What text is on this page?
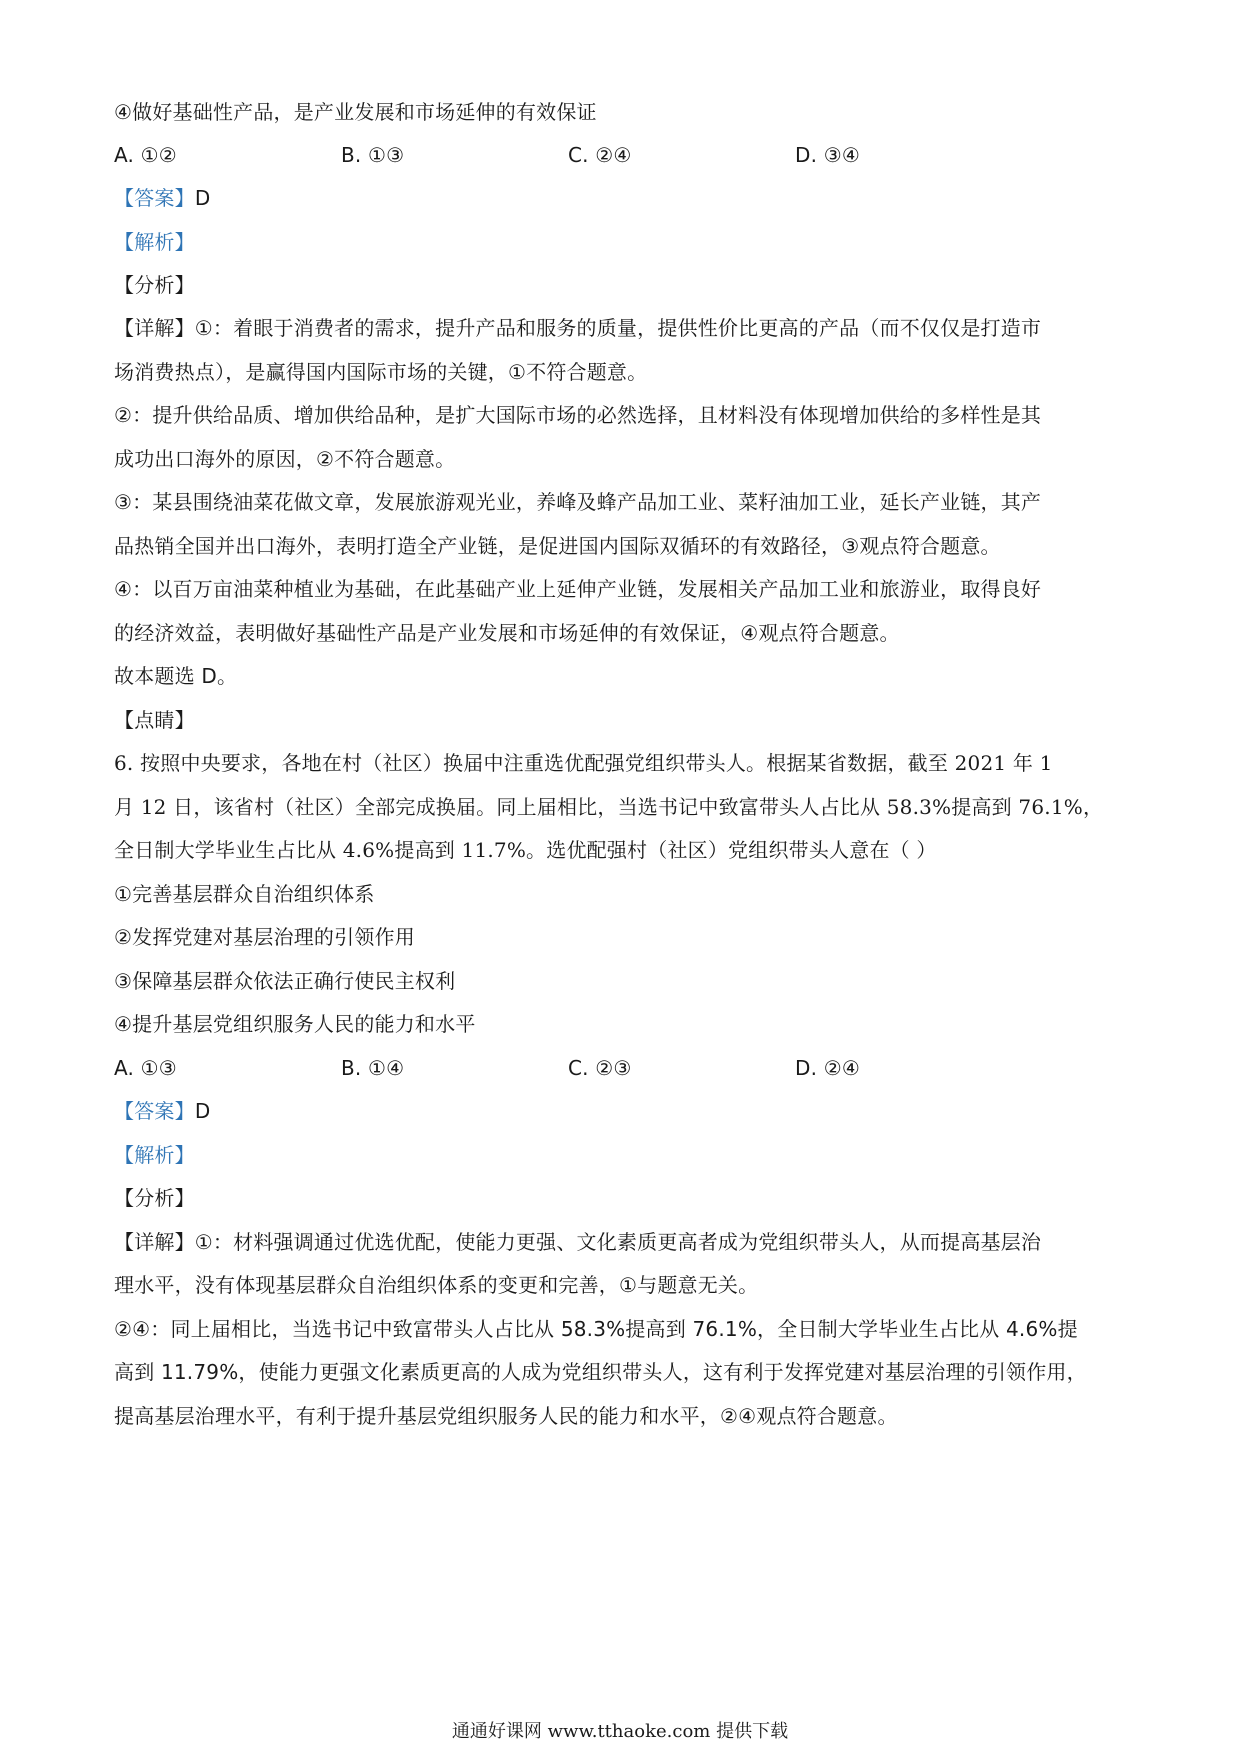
④做好基础性产品，是产业发展和市场延伸的有效保证
A. ①②	B. ①③	C. ②④	D. ③④
【答案】D
【解析】
【分析】
【详解】①：着眼于消费者的需求，提升产品和服务的质量，提供性价比更高的产品（而不仅仅是打造市
场消费热点），是赢得国内国际市场的关键，①不符合题意。
②：提升供给品质、增加供给品种，是扩大国际市场的必然选择，且材料没有体现增加供给的多样性是其
成功出口海外的原因，②不符合题意。
③：某县围绕油菜花做文章，发展旅游观光业，养峰及蜂产品加工业、菜籽油加工业，延长产业链，其产
品热销全国并出口海外，表明打造全产业链，是促进国内国际双循环的有效路径，③观点符合题意。
④：以百万亩油菜种植业为基础，在此基础产业上延伸产业链，发展相关产品加工业和旅游业，取得良好
的经济效益，表明做好基础性产品是产业发展和市场延伸的有效保证，④观点符合题意。
故本题选 D。
【点睛】
6. 按照中央要求，各地在村（社区）换届中注重选优配强党组织带头人。根据某省数据，截至 2021 年 1
月 12 日，该省村（社区）全部完成换届。同上届相比，当选书记中致富带头人占比从 58.3%提高到 76.1%，
全日制大学毕业生占比从 4.6%提高到 11.7%。选优配强村（社区）党组织带头人意在（ ）
①完善基层群众自治组织体系
②发挥党建对基层治理的引领作用
③保障基层群众依法正确行使民主权利
④提升基层党组织服务人民的能力和水平
A. ①③	B. ①④	C. ②③	D. ②④
【答案】D
【解析】
【分析】
【详解】①：材料强调通过优选优配，使能力更强、文化素质更高者成为党组织带头人，从而提高基层治
理水平，没有体现基层群众自治组织体系的变更和完善，①与题意无关。
②④：同上届相比，当选书记中致富带头人占比从 58.3%提高到 76.1%，全日制大学毕业生占比从 4.6%提
高到 11.79%，使能力更强文化素质更高的人成为党组织带头人，这有利于发挥党建对基层治理的引领作用，
提高基层治理水平，有利于提升基层党组织服务人民的能力和水平，②④观点符合题意。
通通好课网 www.tthaoke.com 提供下载
